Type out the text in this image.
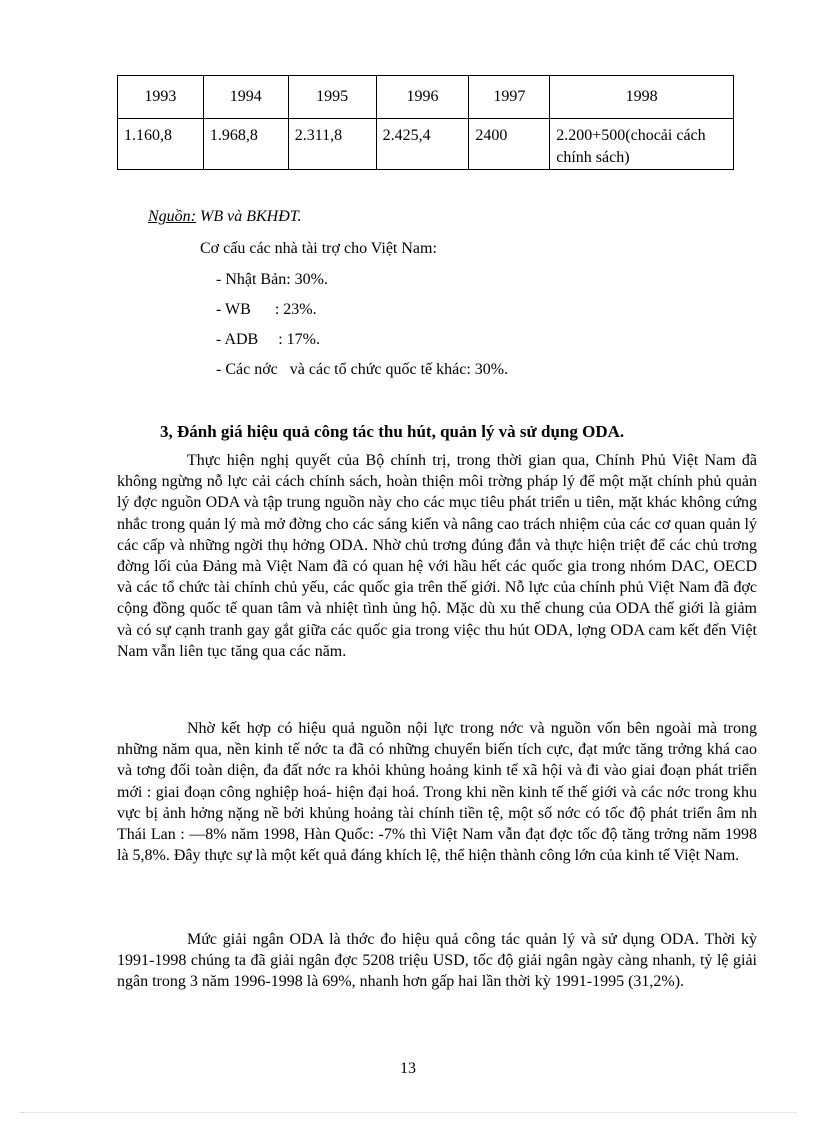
1993	1994	1995	1996	1997	1998
1.160,8	1.968,8	2.311,8	2.425,4	2400	2.200+500(chocải cách chính sách)
Nguồn: WB và BKHĐT.
Cơ cấu các nhà tài trợ cho Việt Nam:
- Nhật Bản: 30%.
- WB      : 23%.
- ADB     : 17%.
- Các nớc   và các tổ chức quốc tế khác: 30%.
3, Đánh giá hiệu quả công tác thu hút, quản lý và sử dụng ODA.

Thực hiện nghị quyết của Bộ chính trị, trong thời gian qua, Chính Phủ Việt Nam đã không ngừng nỗ lực cải cách chính sách, hoàn thiện môi trờng pháp lý để một mặt chính phủ quản lý đợc nguồn ODA và tập trung nguồn này cho các mục tiêu phát triển u tiên, mặt khác không cứng nhắc trong quản lý mà mở đờng cho các sáng kiến và nâng cao trách nhiệm của các cơ quan quản lý các cấp và những ngời thụ hởng ODA. Nhờ chủ trơng đúng đắn và thực hiện triệt để các chủ trơng đờng lối của Đảng mà Việt Nam đã có quan hệ với hầu hết các quốc gia trong nhóm DAC, OECD và các tổ chức tài chính chủ yếu, các quốc gia trên thế giới. Nỗ lực của chính phủ Việt Nam đã đợc cộng đồng quốc tế quan tâm và nhiệt tình ủng hộ. Mặc dù xu thế chung của ODA thế giới là giảm và có sự cạnh tranh gay gắt giữa các quốc gia trong việc thu hút ODA, lợng ODA cam kết đến Việt Nam vẫn liên tục tăng qua các năm.

Nhờ kết hợp có hiệu quả nguồn nội lực trong nớc và nguồn vốn bên ngoài mà trong những năm qua, nền kinh tế nớc ta đã có những chuyển biến tích cực, đạt mức tăng trởng khá cao và tơng đối toàn diện, đa đất nớc ra khỏi khủng hoảng kinh tế xã hội và đi vào giai đoạn phát triển mới : giai đoạn công nghiệp hoá- hiện đại hoá. Trong khi nền kinh tế thế giới và các nớc trong khu vực bị ảnh hởng nặng nề bởi khủng hoảng tài chính tiền tệ, một số nớc có tốc độ phát triển âm nh Thái Lan : —8% năm 1998, Hàn Quốc: -7% thì Việt Nam vẫn đạt đợc tốc độ tăng trởng năm 1998 là 5,8%. Đây thực sự là một kết quả đáng khích lệ, thể hiện thành công lớn của kinh tế Việt Nam.

Mức giải ngân ODA là thớc đo hiệu quả công tác quản lý và sử dụng ODA. Thời kỳ 1991-1998 chúng ta đã giải ngân đợc 5208 triệu USD, tốc độ giải ngân ngày càng nhanh, tỷ lệ giải ngân trong 3 năm 1996-1998 là 69%, nhanh hơn gấp hai lần thời kỳ 1991-1995 (31,2%).

13
